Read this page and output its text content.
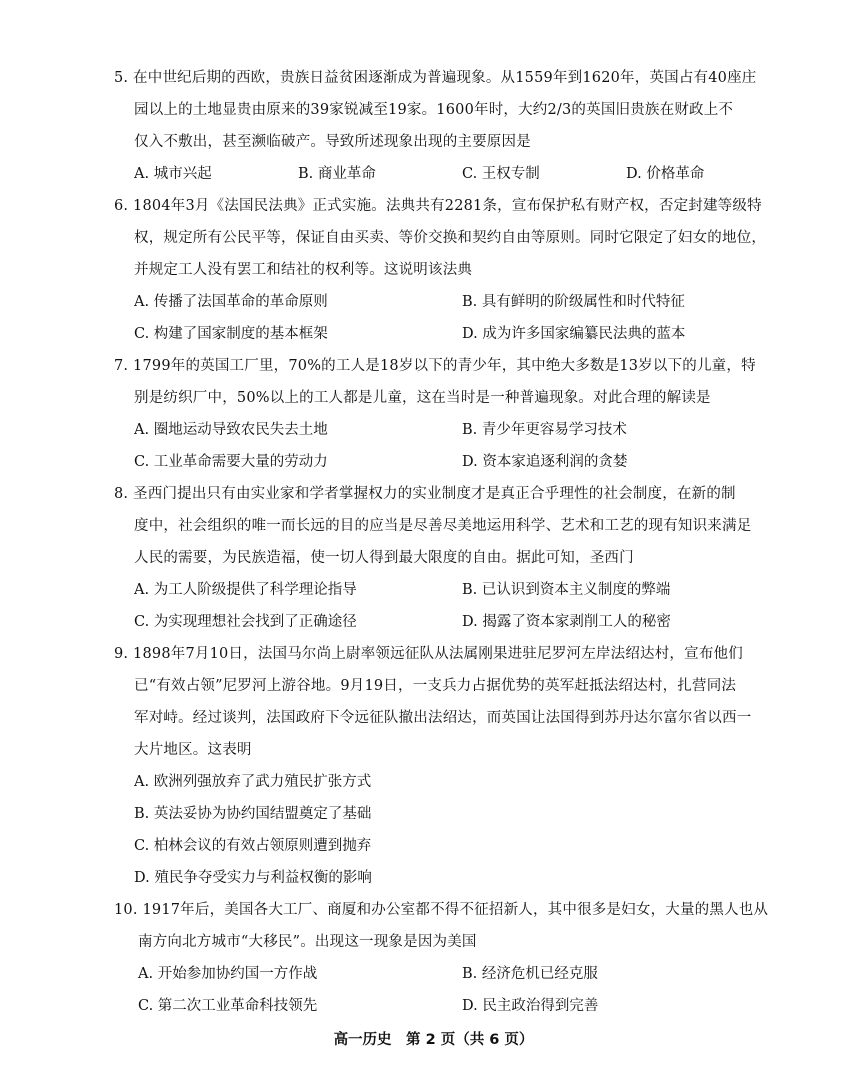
5. 在中世纪后期的西欧，贵族日益贫困逐渐成为普遍现象。从1559年到1620年，英国占有40座庄
园以上的土地显贵由原来的39家锐减至19家。1600年时，大约2/3的英国旧贵族在财政上不
仅入不敷出，甚至濒临破产。导致所述现象出现的主要原因是
A. 城市兴起	B. 商业革命	C. 王权专制	D. 价格革命
6. 1804年3月《法国民法典》正式实施。法典共有2281条，宣布保护私有财产权，否定封建等级特
权，规定所有公民平等，保证自由买卖、等价交换和契约自由等原则。同时它限定了妇女的地位，
并规定工人没有罢工和结社的权利等。这说明该法典
A. 传播了法国革命的革命原则	B. 具有鲜明的阶级属性和时代特征
C. 构建了国家制度的基本框架	D. 成为许多国家编纂民法典的蓝本
7. 1799年的英国工厂里，70%的工人是18岁以下的青少年，其中绝大多数是13岁以下的儿童，特
别是纺织厂中，50%以上的工人都是儿童，这在当时是一种普遍现象。对此合理的解读是
A. 圈地运动导致农民失去土地	B. 青少年更容易学习技术
C. 工业革命需要大量的劳动力	D. 资本家追逐利润的贪婪
8. 圣西门提出只有由实业家和学者掌握权力的实业制度才是真正合乎理性的社会制度，在新的制
度中，社会组织的唯一而长远的目的应当是尽善尽美地运用科学、艺术和工艺的现有知识来满足
人民的需要，为民族造福，使一切人得到最大限度的自由。据此可知，圣西门
A. 为工人阶级提供了科学理论指导	B. 已认识到资本主义制度的弊端
C. 为实现理想社会找到了正确途径	D. 揭露了资本家剥削工人的秘密
9. 1898年7月10日，法国马尔尚上尉率领远征队从法属刚果进驻尼罗河左岸法绍达村，宣布他们
已“有效占领”尼罗河上游谷地。9月19日，一支兵力占据优势的英军赶抵法绍达村，扎营同法
军对峙。经过谈判，法国政府下令远征队撤出法绍达，而英国让法国得到苏丹达尔富尔省以西一
大片地区。这表明
A. 欧洲列强放弃了武力殖民扩张方式
B. 英法妥协为协约国结盟奠定了基础
C. 柏林会议的有效占领原则遭到抛弃
D. 殖民争夺受实力与利益权衡的影响
10. 1917年后，美国各大工厂、商厦和办公室都不得不征招新人，其中很多是妇女，大量的黑人也从
南方向北方城市“大移民”。出现这一现象是因为美国
A. 开始参加协约国一方作战	B. 经济危机已经克服
C. 第二次工业革命科技领先	D. 民主政治得到完善
高一历史　第 2 页（共 6 页）
